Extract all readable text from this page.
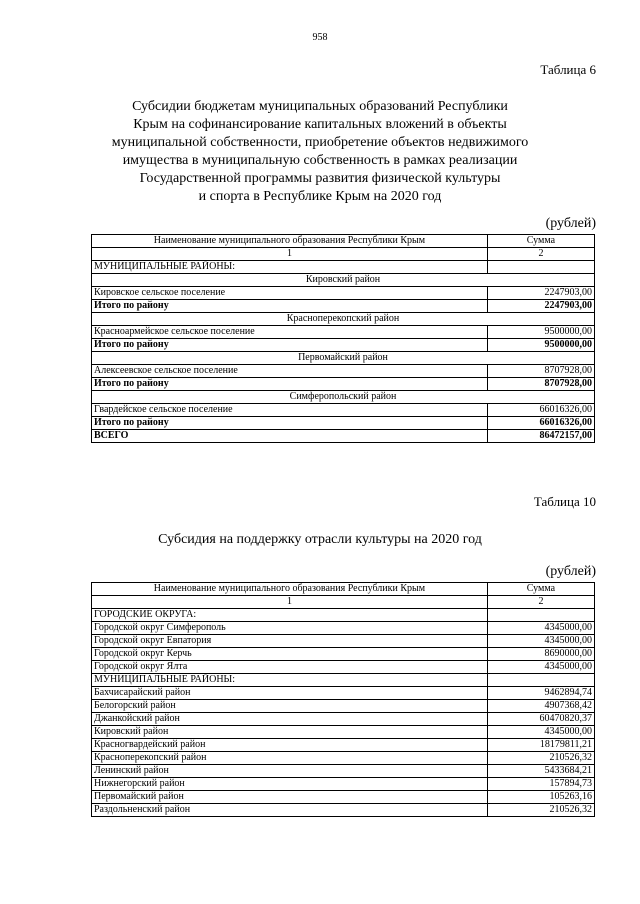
958
Таблица 6
Субсидии бюджетам муниципальных образований Республики
Крым на софинансирование капитальных вложений в объекты
муниципальной собственности, приобретение объектов недвижимого
имущества в муниципальную собственность в рамках реализации
Государственной программы развития физической культуры
и спорта в Республике Крым на 2020 год
(рублей)
Наименование муниципального образования Республики Крым	Сумма
1	2
МУНИЦИПАЛЬНЫЕ РАЙОНЫ:	
Кировский район	
Кировское сельское поселение	2247903,00
Итого по району	2247903,00
Красноперекопский район	
Красноармейское сельское поселение	9500000,00
Итого по району	9500000,00
Первомайский район	
Алексеевское сельское поселение	8707928,00
Итого по району	8707928,00
Симферопольский район	
Гвардейское сельское поселение	66016326,00
Итого по району	66016326,00
ВСЕГО	86472157,00
Таблица 10
Субсидия на поддержку отрасли культуры на 2020 год
(рублей)
Наименование муниципального образования Республики Крым	Сумма
1	2
ГОРОДСКИЕ ОКРУГА:	
Городской округ Симферополь	4345000,00
Городской округ Евпатория	4345000,00
Городской округ Керчь	8690000,00
Городской округ Ялта	4345000,00
МУНИЦИПАЛЬНЫЕ РАЙОНЫ:	
Бахчисарайский район	9462894,74
Белогорский район	4907368,42
Джанкойский район	60470820,37
Кировский район	4345000,00
Красногвардейский район	18179811,21
Красноперекопский район	210526,32
Ленинский район	5433684,21
Нижнегорский район	157894,73
Первомайский район	105263,16
Раздольненский район	210526,32
